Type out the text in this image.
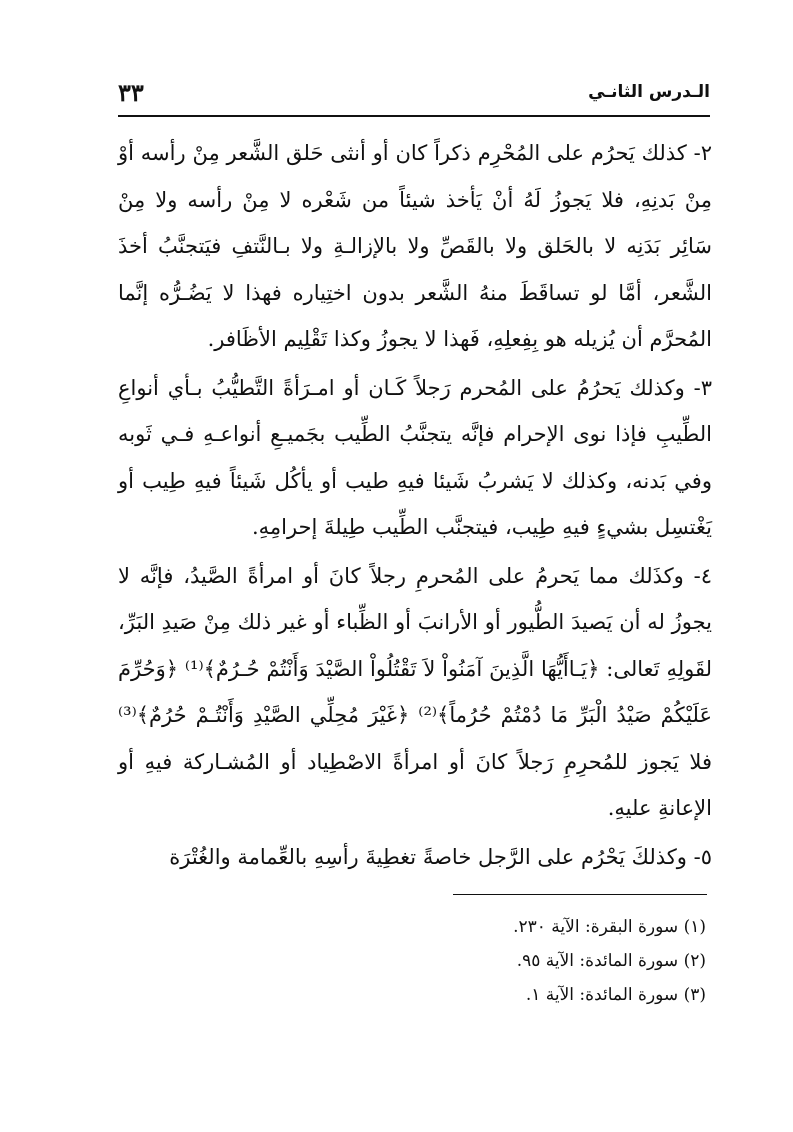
الـدرس الثانـي
٣٣

٢- كذلك يَحرُم على المُحْرِم ذكراً كان أو أنثى حَلق الشَّعر مِنْ رأسه أوْ مِنْ بَدنِهِ، فلا يَجوزُ لَهُ أنْ يَأخذ شيئاً من شَعْره لا مِنْ رأسه ولا مِنْ سَائِر بَدَنِه لا بالحَلق ولا بالقَصِّ ولا بالإزالـةِ ولا بـالنَّتفِ فيَتجنَّبُ أخذَ الشَّعر، أمَّا لو تساقَطَ منهُ الشَّعر بدون اختِياره فهذا لا يَضُـرُّه إنَّما المُحرَّم أن يُزيله هو بِفِعلِهِ، فَهذا لا يجوزُ وكذا تَقْلِيم الأظَافر.

٣- وكذلك يَحرُمُ على المُحرم رَجلاً كَـان أو امـرَأةً التَّطيُّبُ بـأي أنواعِ الطِّيبِ فإذا نوى الإحرام فإنَّه يتجنَّبُ الطِّيب بجَميـعِ أنواعـهِ فـي ثَوبه وفي بَدنه، وكذلك لا يَشربُ شَيئا فيهِ طيب أو يأكُل شَيئاً فيهِ طِيب أو يَغْتسِل بشيءٍ فيهِ طِيب، فيتجنَّب الطِّيب طِيلةَ إحرامِهِ.

٤- وكذَلك مما يَحرمُ على المُحرمِ رجلاً كانَ أو امرأةً الصَّيدُ، فإنَّه لا يجوزُ له أن يَصيدَ الطُّيور أو الأرانبَ أو الظِّباء أو غير ذلك مِنْ صَيدِ البَرِّ، لقَولِهِ تَعالى: ﴿يَـاأَيُّهَا الَّذِينَ آمَنُواْ لاَ تَقْتُلُواْ الصَّيْدَ وَأَنْتُمْ حُـرُمٌ﴾⁽¹⁾ ﴿وَحُرِّمَ عَلَيْكُمْ صَيْدُ الْبَرِّ مَا دُمْتُمْ حُرُماً﴾⁽²⁾ ﴿غَيْرَ مُحِلِّي الصَّيْدِ وَأَنْتُـمْ حُرُمٌ﴾⁽³⁾ فلا يَجوز للمُحرِمِ رَجلاً كانَ أو امرأةً الاصْطِياد أو المُشـاركة فيهِ أو الإعانةِ عليهِ.

٥- وكذلكَ يَحْرُم على الرَّجل خاصةً تغطِيةَ رأسِهِ بالعِّمامة والغُتْرَة

(١) سورة البقرة: الآية ٢٣٠.

(٢) سورة المائدة: الآية ٩٥.

(٣) سورة المائدة: الآية ١.
